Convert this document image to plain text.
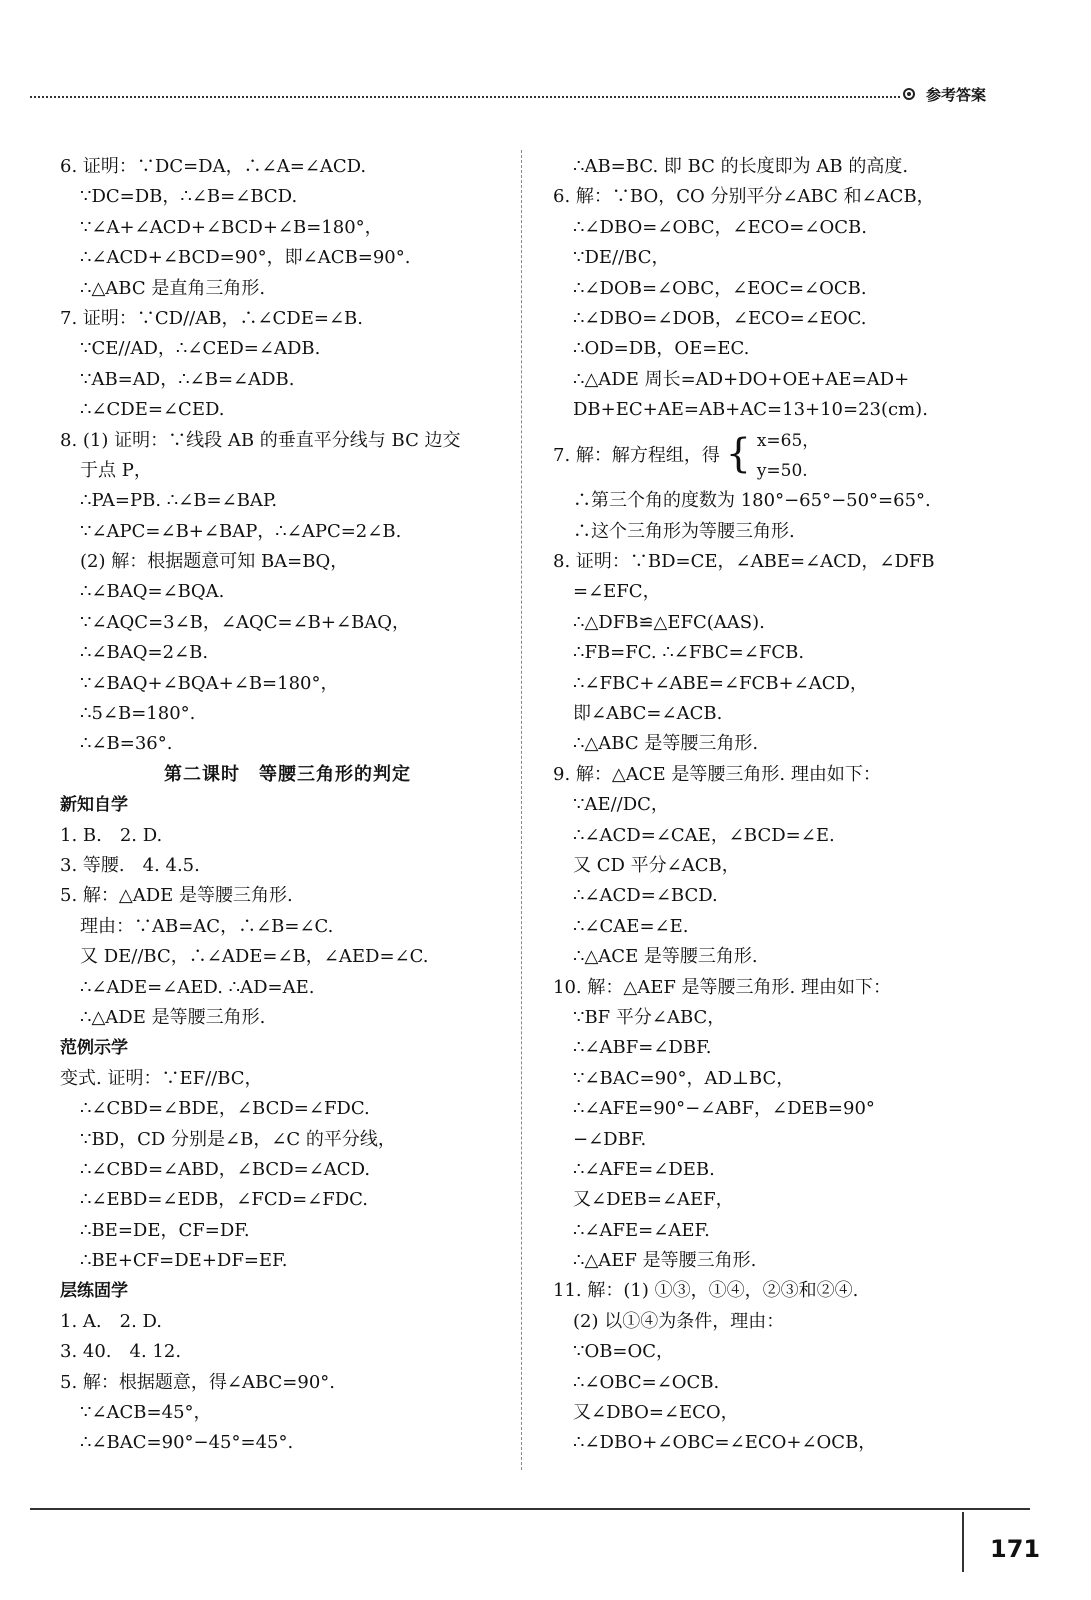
参考答案
6. 证明：∵DC=DA，∴∠A=∠ACD.
∵DC=DB，∴∠B=∠BCD.
∵∠A+∠ACD+∠BCD+∠B=180°，
∴∠ACD+∠BCD=90°，即∠ACB=90°.
∴△ABC 是直角三角形.
7. 证明：∵CD//AB，∴∠CDE=∠B.
∵CE//AD，∴∠CED=∠ADB.
∵AB=AD，∴∠B=∠ADB.
∴∠CDE=∠CED.
8. (1) 证明：∵线段 AB 的垂直平分线与 BC 边交
于点 P，
∴PA=PB. ∴∠B=∠BAP.
∵∠APC=∠B+∠BAP，∴∠APC=2∠B.
(2) 解：根据题意可知 BA=BQ，
∴∠BAQ=∠BQA.
∵∠AQC=3∠B，∠AQC=∠B+∠BAQ，
∴∠BAQ=2∠B.
∵∠BAQ+∠BQA+∠B=180°，
∴5∠B=180°.
∴∠B=36°.
第二课时　等腰三角形的判定
新知自学
1. B.　2. D.
3. 等腰.　4. 4.5.
5. 解：△ADE 是等腰三角形.
理由：∵AB=AC，∴∠B=∠C.
又 DE//BC，∴∠ADE=∠B，∠AED=∠C.
∴∠ADE=∠AED. ∴AD=AE.
∴△ADE 是等腰三角形.
范例示学
变式. 证明：∵EF//BC，
∴∠CBD=∠BDE，∠BCD=∠FDC.
∵BD，CD 分别是∠B，∠C 的平分线，
∴∠CBD=∠ABD，∠BCD=∠ACD.
∴∠EBD=∠EDB，∠FCD=∠FDC.
∴BE=DE，CF=DF.
∴BE+CF=DE+DF=EF.
层练固学
1. A.　2. D.
3. 40.　4. 12.
5. 解：根据题意，得∠ABC=90°.
∵∠ACB=45°，
∴∠BAC=90°−45°=45°.
∴AB=BC. 即 BC 的长度即为 AB 的高度.
6. 解：∵BO，CO 分别平分∠ABC 和∠ACB，
∴∠DBO=∠OBC，∠ECO=∠OCB.
∵DE//BC，
∴∠DOB=∠OBC，∠EOC=∠OCB.
∴∠DBO=∠DOB，∠ECO=∠EOC.
∴OD=DB，OE=EC.
∴△ADE 周长=AD+DO+OE+AE=AD+
DB+EC+AE=AB+AC=13+10=23(cm).
7. 解：解方程组，得 { x=65，
y=50.
∴第三个角的度数为 180°−65°−50°=65°.
∴这个三角形为等腰三角形.
8. 证明：∵BD=CE，∠ABE=∠ACD，∠DFB
=∠EFC，
∴△DFB≌△EFC(AAS).
∴FB=FC. ∴∠FBC=∠FCB.
∴∠FBC+∠ABE=∠FCB+∠ACD，
即∠ABC=∠ACB.
∴△ABC 是等腰三角形.
9. 解：△ACE 是等腰三角形. 理由如下：
∵AE//DC，
∴∠ACD=∠CAE，∠BCD=∠E.
又 CD 平分∠ACB，
∴∠ACD=∠BCD.
∴∠CAE=∠E.
∴△ACE 是等腰三角形.
10. 解：△AEF 是等腰三角形. 理由如下：
∵BF 平分∠ABC，
∴∠ABF=∠DBF.
∵∠BAC=90°，AD⊥BC，
∴∠AFE=90°−∠ABF，∠DEB=90°
−∠DBF.
∴∠AFE=∠DEB.
又∠DEB=∠AEF，
∴∠AFE=∠AEF.
∴△AEF 是等腰三角形.
11. 解：(1) ①③，①④，②③和②④.
(2) 以①④为条件，理由：
∵OB=OC，
∴∠OBC=∠OCB.
又∠DBO=∠ECO，
∴∠DBO+∠OBC=∠ECO+∠OCB，
171
